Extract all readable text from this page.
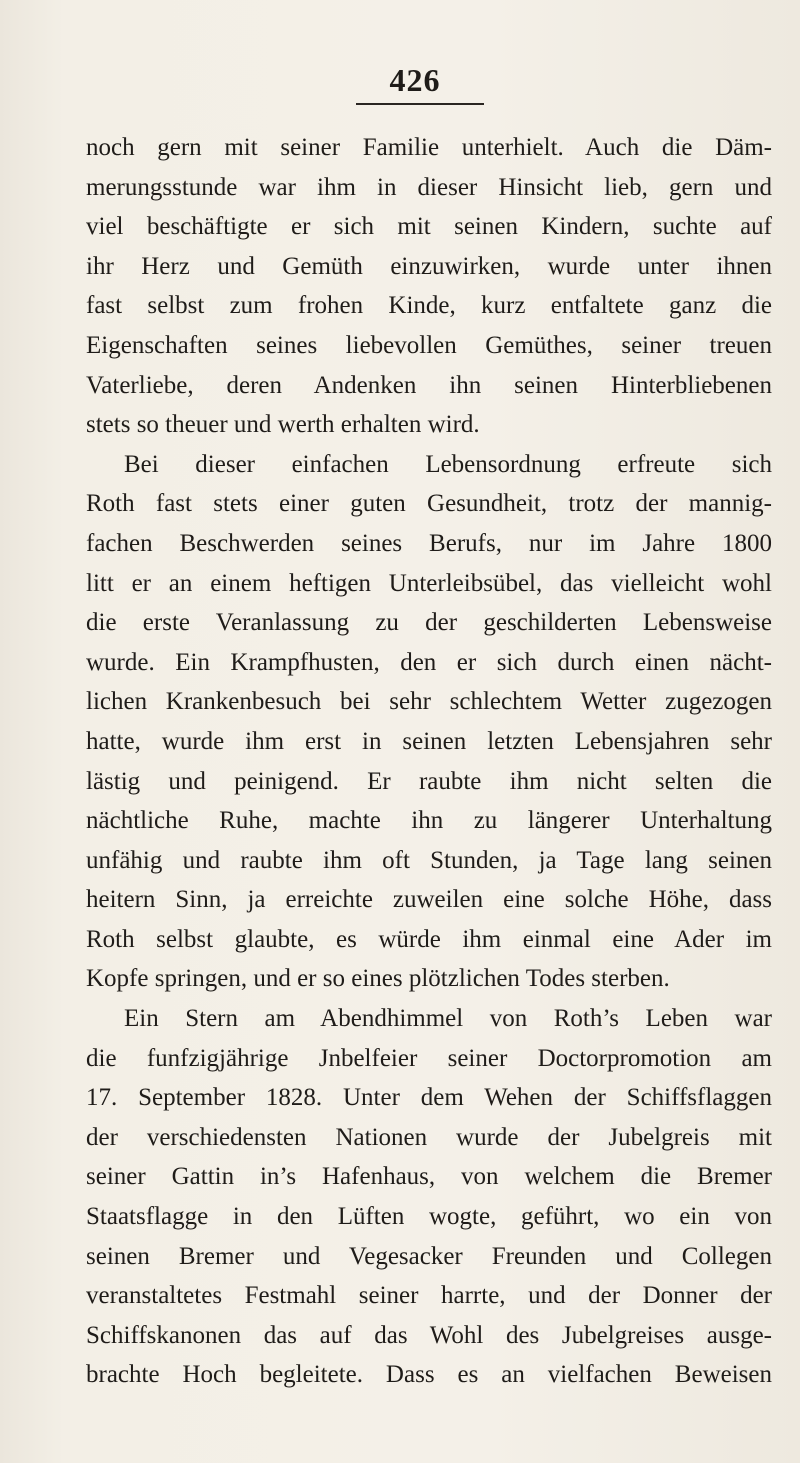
426
noch gern mit seiner Familie unterhielt. Auch die Däm-
merungsstunde war ihm in dieser Hinsicht lieb, gern und
viel beschäftigte er sich mit seinen Kindern, suchte auf
ihr Herz und Gemüth einzuwirken, wurde unter ihnen
fast selbst zum frohen Kinde, kurz entfaltete ganz die
Eigenschaften seines liebevollen Gemüthes, seiner treuen
Vaterliebe, deren Andenken ihn seinen Hinterbliebenen
stets so theuer und werth erhalten wird.
Bei dieser einfachen Lebensordnung erfreute sich
Roth fast stets einer guten Gesundheit, trotz der mannig-
fachen Beschwerden seines Berufs, nur im Jahre 1800
litt er an einem heftigen Unterleibsübel, das vielleicht wohl
die erste Veranlassung zu der geschilderten Lebensweise
wurde. Ein Krampfhusten, den er sich durch einen nächt-
lichen Krankenbesuch bei sehr schlechtem Wetter zugezogen
hatte, wurde ihm erst in seinen letzten Lebensjahren sehr
lästig und peinigend. Er raubte ihm nicht selten die
nächtliche Ruhe, machte ihn zu längerer Unterhaltung
unfähig und raubte ihm oft Stunden, ja Tage lang seinen
heitern Sinn, ja erreichte zuweilen eine solche Höhe, dass
Roth selbst glaubte, es würde ihm einmal eine Ader im
Kopfe springen, und er so eines plötzlichen Todes sterben.
Ein Stern am Abendhimmel von Roth’s Leben war
die funfzigjährige Jnbelfeier seiner Doctorpromotion am
17. September 1828. Unter dem Wehen der Schiffsflaggen
der verschiedensten Nationen wurde der Jubelgreis mit
seiner Gattin in’s Hafenhaus, von welchem die Bremer
Staatsflagge in den Lüften wogte, geführt, wo ein von
seinen Bremer und Vegesacker Freunden und Collegen
veranstaltetes Festmahl seiner harrte, und der Donner der
Schiffskanonen das auf das Wohl des Jubelgreises ausge-
brachte Hoch begleitete. Dass es an vielfachen Beweisen
